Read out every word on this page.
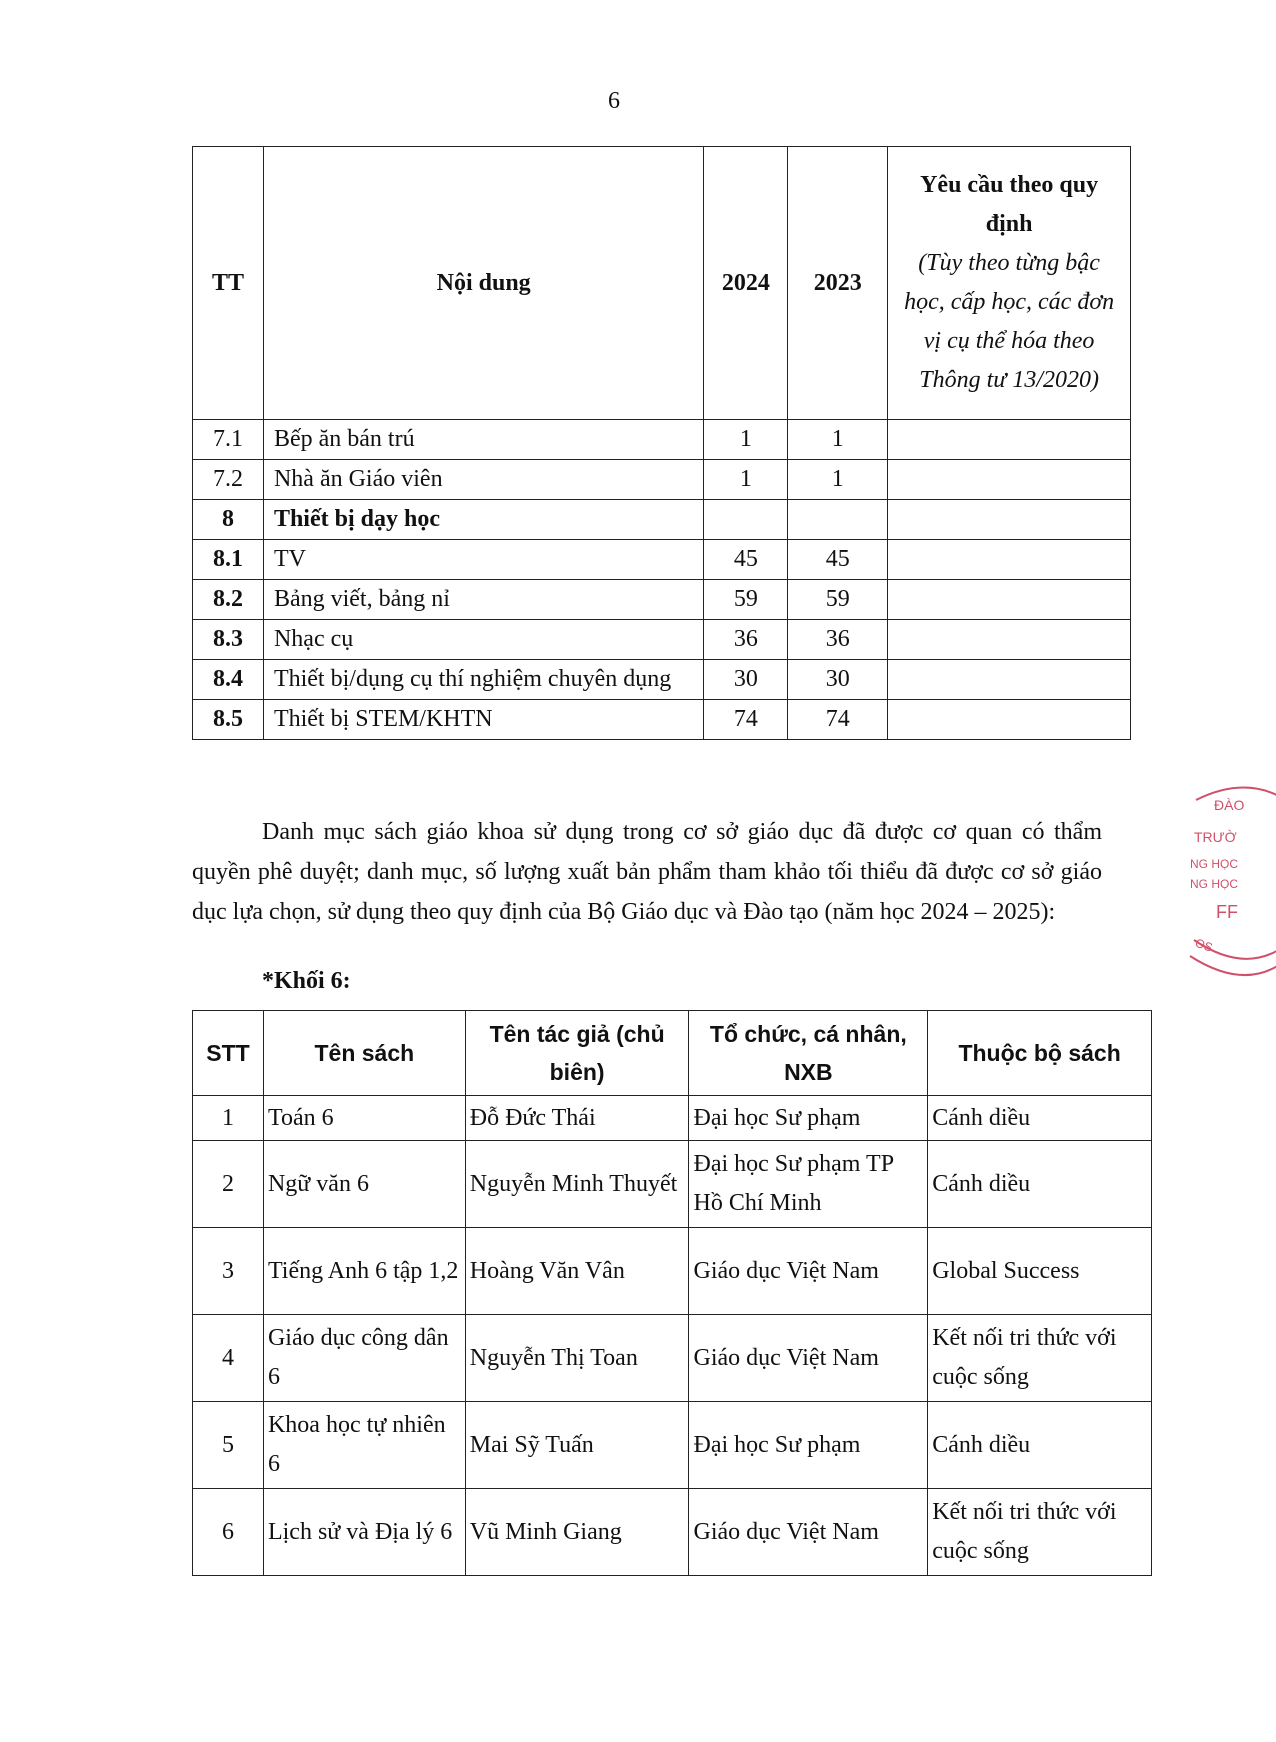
6
TT	Nội dung	2024	2023	Yêu cầu theo quy định
(Tùy theo từng bậc học, cấp học, các đơn vị cụ thể hóa theo Thông tư 13/2020)
7.1	Bếp ăn bán trú	1	1	
7.2	Nhà ăn Giáo viên	1	1	
8	Thiết bị dạy học			
8.1	TV	45	45	
8.2	Bảng viết, bảng nỉ	59	59	
8.3	Nhạc cụ	36	36	
8.4	Thiết bị/dụng cụ thí nghiệm chuyên dụng	30	30	
8.5	Thiết bị STEM/KHTN	74	74	
Danh mục sách giáo khoa sử dụng trong cơ sở giáo dục đã được cơ quan có thẩm quyền phê duyệt; danh mục, số lượng xuất bản phẩm tham khảo tối thiểu đã được cơ sở giáo dục lựa chọn, sử dụng theo quy định của Bộ Giáo dục và Đào tạo (năm học 2024 – 2025):
*Khối 6:
STT	Tên sách	Tên tác giả (chủ biên)	Tổ chức, cá nhân, NXB	Thuộc bộ sách
1	Toán 6	Đỗ Đức Thái	Đại học Sư phạm	Cánh diều
2	Ngữ văn 6	Nguyễn Minh Thuyết	Đại học Sư phạm TP Hồ Chí Minh	Cánh diều
3	Tiếng Anh 6 tập 1,2	Hoàng Văn Vân	Giáo dục Việt Nam	Global Success
4	Giáo dục công dân 6	Nguyễn Thị Toan	Giáo dục Việt Nam	Kết nối tri thức với cuộc sống
5	Khoa học tự nhiên 6	Mai Sỹ Tuấn	Đại học Sư phạm	Cánh diều
6	Lịch sử và Địa lý 6	Vũ Minh Giang	Giáo dục Việt Nam	Kết nối tri thức với cuộc sống
ĐÀO
TRƯỜ
NG HỌC
NG HỌC
FF
OS
